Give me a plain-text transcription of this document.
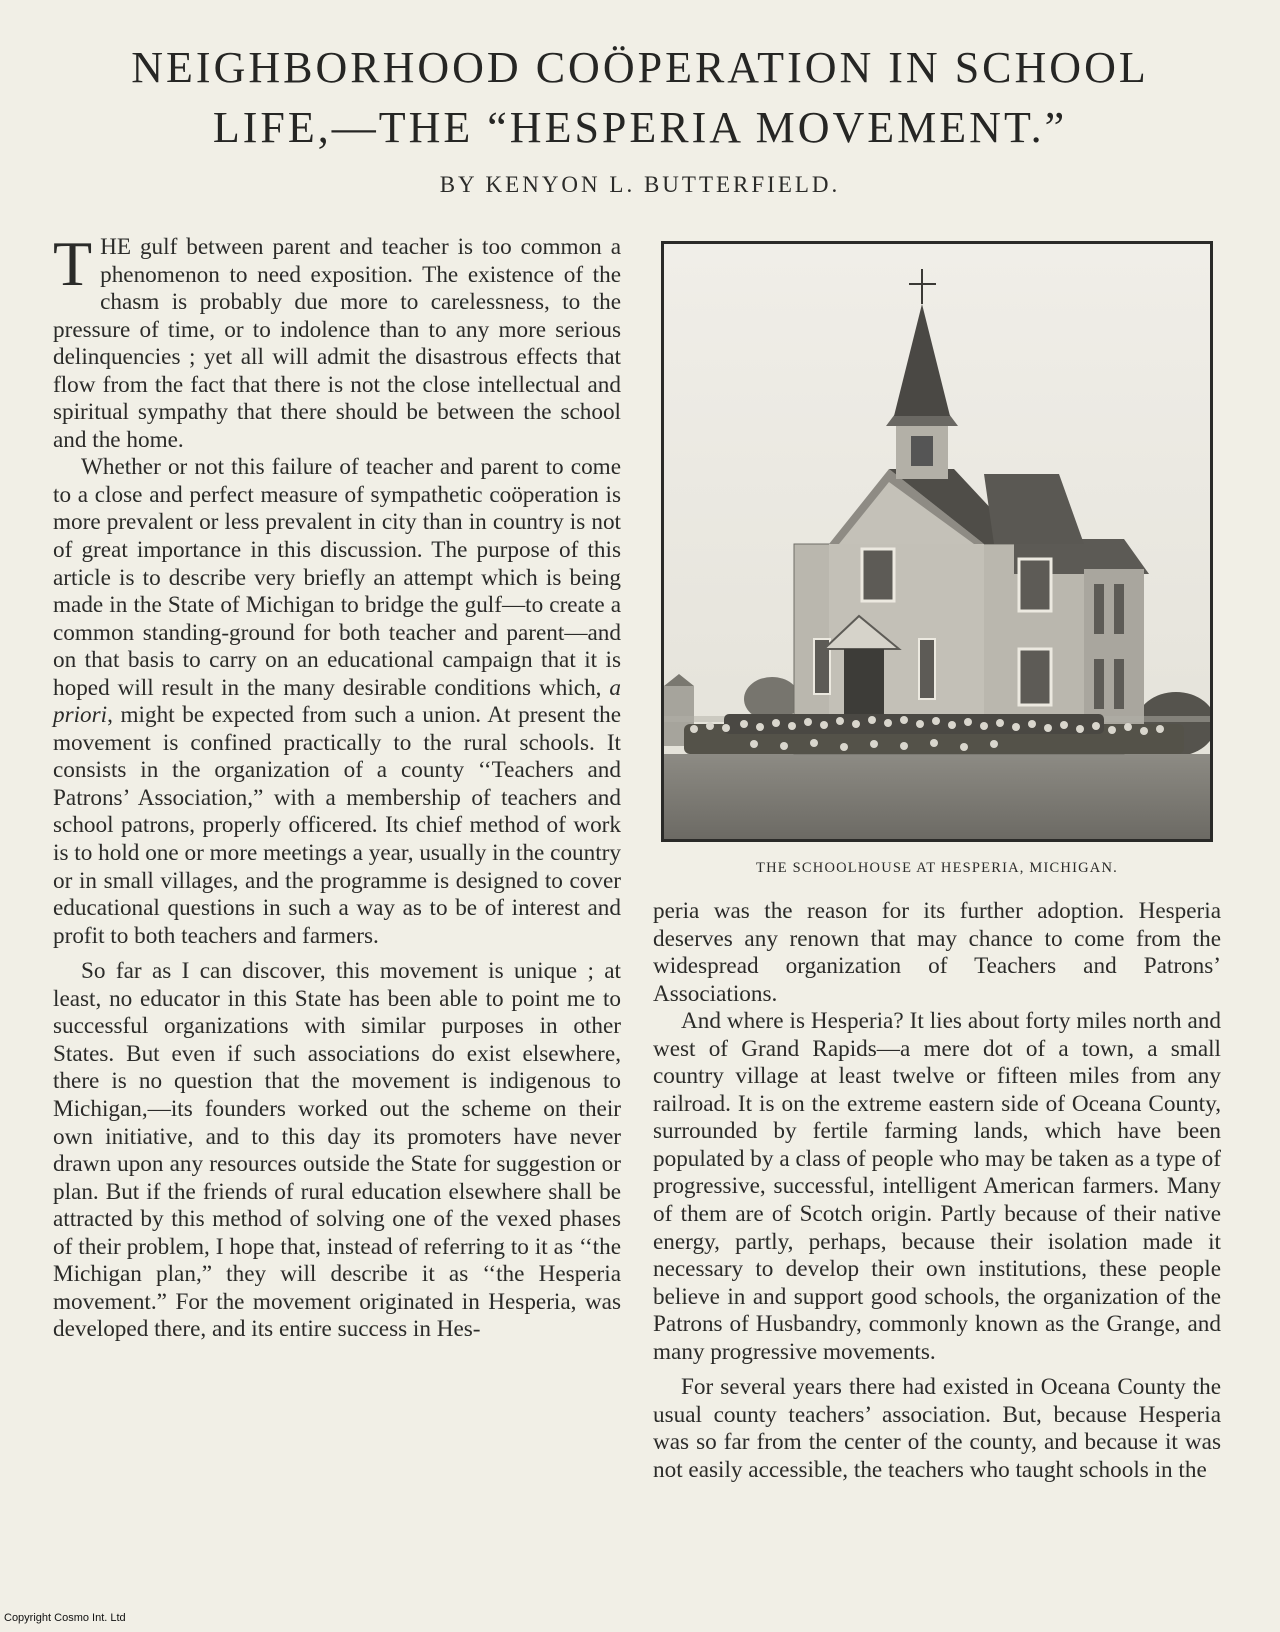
NEIGHBORHOOD COÖPERATION IN SCHOOL
LIFE,—THE “HESPERIA MOVEMENT.”
BY KENYON L. BUTTERFIELD.

THE gulf between parent and teacher is too common a phenomenon to need exposition. The existence of the chasm is probably due more to carelessness, to the pressure of time, or to indolence than to any more serious delinquencies ; yet all will admit the disastrous effects that flow from the fact that there is not the close intellectual and spiritual sympathy that there should be between the school and the home.

Whether or not this failure of teacher and parent to come to a close and perfect measure of sympathetic coöperation is more prevalent or less prevalent in city than in country is not of great importance in this discussion. The purpose of this article is to describe very briefly an attempt which is being made in the State of Michigan to bridge the gulf—to create a common standing-ground for both teacher and parent—and on that basis to carry on an educational campaign that it is hoped will result in the many desirable conditions which, a priori, might be expected from such a union. At present the movement is confined practically to the rural schools. It consists in the organization of a county ‘‘Teachers and Patrons’ Association,” with a membership of teachers and school patrons, properly officered. Its chief method of work is to hold one or more meetings a year, usually in the country or in small villages, and the programme is designed to cover educational questions in such a way as to be of interest and profit to both teachers and farmers.

So far as I can discover, this movement is unique ; at least, no educator in this State has been able to point me to successful organizations with similar purposes in other States. But even if such associations do exist elsewhere, there is no question that the movement is indigenous to Michigan,—its founders worked out the scheme on their own initiative, and to this day its promoters have never drawn upon any resources outside the State for suggestion or plan. But if the friends of rural education elsewhere shall be attracted by this method of solving one of the vexed phases of their problem, I hope that, instead of referring to it as ‘‘the Michigan plan,” they will describe it as ‘‘the Hesperia movement.” For the movement originated in Hesperia, was developed there, and its entire success in Hes-

THE SCHOOLHOUSE AT HESPERIA, MICHIGAN.

peria was the reason for its further adoption. Hesperia deserves any renown that may chance to come from the widespread organization of Teachers and Patrons’ Associations.

And where is Hesperia? It lies about forty miles north and west of Grand Rapids—a mere dot of a town, a small country village at least twelve or fifteen miles from any railroad. It is on the extreme eastern side of Oceana County, surrounded by fertile farming lands, which have been populated by a class of people who may be taken as a type of progressive, successful, intelligent American farmers. Many of them are of Scotch origin. Partly because of their native energy, partly, perhaps, because their isolation made it necessary to develop their own institutions, these people believe in and support good schools, the organization of the Patrons of Husbandry, commonly known as the Grange, and many progressive movements.

For several years there had existed in Oceana County the usual county teachers’ association. But, because Hesperia was so far from the center of the county, and because it was not easily accessible, the teachers who taught schools in the

Copyright Cosmo Int. Ltd
